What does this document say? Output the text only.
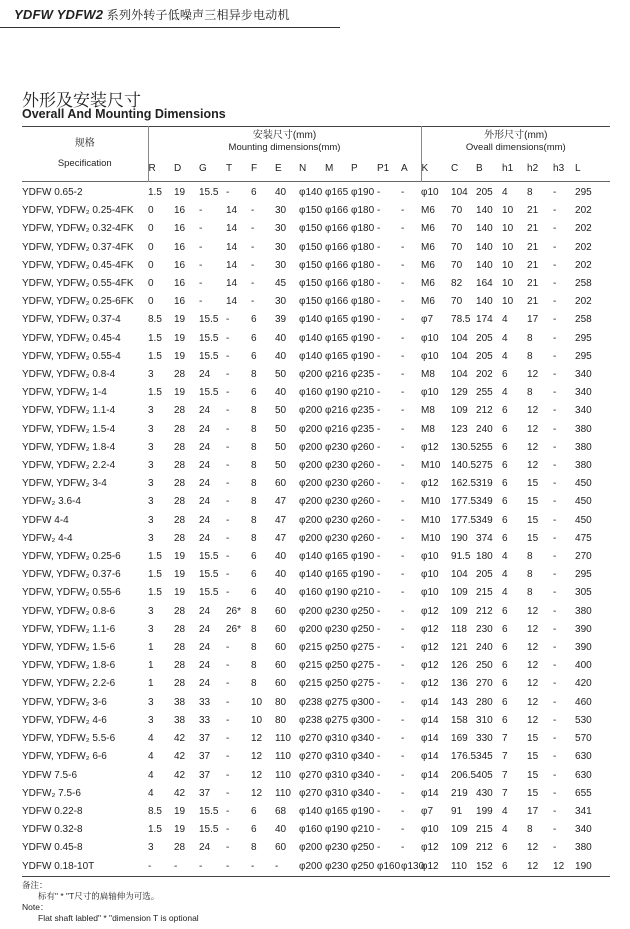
YDFW YDFW2 系列外转子低噪声三相异步电动机
外形及安装尺寸
Overall And Mounting Dimensions
规格
Specification	安装尺寸(mm)
Mounting dimensions(mm)											外形尺寸(mm)
Oveall dimensions(mm)						

	R	D	G	T	F	E	N	M	P	P1	A	K	C	B	h1	h2	h3	L
YDFW 0.65-2	1.5	19	15.5	-	6	40	φ140	φ165	φ190	-	-	φ10	104	205	4	8	-	295
YDFW, YDFW₂ 0.25-4FK	0	16	-	14	-	30	φ150	φ166	φ180	-	-	M6	70	140	10	21	-	202
YDFW, YDFW₂ 0.32-4FK	0	16	-	14	-	30	φ150	φ166	φ180	-	-	M6	70	140	10	21	-	202
YDFW, YDFW₂ 0.37-4FK	0	16	-	14	-	30	φ150	φ166	φ180	-	-	M6	70	140	10	21	-	202
YDFW, YDFW₂ 0.45-4FK	0	16	-	14	-	30	φ150	φ166	φ180	-	-	M6	70	140	10	21	-	202
YDFW, YDFW₂ 0.55-4FK	0	16	-	14	-	45	φ150	φ166	φ180	-	-	M6	82	164	10	21	-	258
YDFW, YDFW₂ 0.25-6FK	0	16	-	14	-	30	φ150	φ166	φ180	-	-	M6	70	140	10	21	-	202
YDFW, YDFW₂ 0.37-4	8.5	19	15.5	-	6	39	φ140	φ165	φ190	-	-	φ7	78.5	174	4	17	-	258
YDFW, YDFW₂ 0.45-4	1.5	19	15.5	-	6	40	φ140	φ165	φ190	-	-	φ10	104	205	4	8	-	295
YDFW, YDFW₂ 0.55-4	1.5	19	15.5	-	6	40	φ140	φ165	φ190	-	-	φ10	104	205	4	8	-	295
YDFW, YDFW₂ 0.8-4	3	28	24	-	8	50	φ200	φ216	φ235	-	-	M8	104	202	6	12	-	340
YDFW, YDFW₂ 1-4	1.5	19	15.5	-	6	40	φ160	φ190	φ210	-	-	φ10	129	255	4	8	-	340
YDFW, YDFW₂ 1.1-4	3	28	24	-	8	50	φ200	φ216	φ235	-	-	M8	109	212	6	12	-	340
YDFW, YDFW₂ 1.5-4	3	28	24	-	8	50	φ200	φ216	φ235	-	-	M8	123	240	6	12	-	380
YDFW, YDFW₂ 1.8-4	3	28	24	-	8	50	φ200	φ230	φ260	-	-	φ12	130.5	255	6	12	-	380
YDFW, YDFW₂ 2.2-4	3	28	24	-	8	50	φ200	φ230	φ260	-	-	M10	140.5	275	6	12	-	380
YDFW, YDFW₂ 3-4	3	28	24	-	8	60	φ200	φ230	φ260	-	-	φ12	162.5	319	6	15	-	450
YDFW₂ 3.6-4	3	28	24	-	8	47	φ200	φ230	φ260	-	-	M10	177.5	349	6	15	-	450
YDFW 4-4	3	28	24	-	8	47	φ200	φ230	φ260	-	-	M10	177.5	349	6	15	-	450
YDFW₂ 4-4	3	28	24	-	8	47	φ200	φ230	φ260	-	-	M10	190	374	6	15	-	475
YDFW, YDFW₂ 0.25-6	1.5	19	15.5	-	6	40	φ140	φ165	φ190	-	-	φ10	91.5	180	4	8	-	270
YDFW, YDFW₂ 0.37-6	1.5	19	15.5	-	6	40	φ140	φ165	φ190	-	-	φ10	104	205	4	8	-	295
YDFW, YDFW₂ 0.55-6	1.5	19	15.5	-	6	40	φ160	φ190	φ210	-	-	φ10	109	215	4	8	-	305
YDFW, YDFW₂ 0.8-6	3	28	24	26*	8	60	φ200	φ230	φ250	-	-	φ12	109	212	6	12	-	380
YDFW, YDFW₂ 1.1-6	3	28	24	26*	8	60	φ200	φ230	φ250	-	-	φ12	118	230	6	12	-	390
YDFW, YDFW₂ 1.5-6	1	28	24	-	8	60	φ215	φ250	φ275	-	-	φ12	121	240	6	12	-	390
YDFW, YDFW₂ 1.8-6	1	28	24	-	8	60	φ215	φ250	φ275	-	-	φ12	126	250	6	12	-	400
YDFW, YDFW₂ 2.2-6	1	28	24	-	8	60	φ215	φ250	φ275	-	-	φ12	136	270	6	12	-	420
YDFW, YDFW₂ 3-6	3	38	33	-	10	80	φ238	φ275	φ300	-	-	φ14	143	280	6	12	-	460
YDFW, YDFW₂ 4-6	3	38	33	-	10	80	φ238	φ275	φ300	-	-	φ14	158	310	6	12	-	530
YDFW, YDFW₂ 5.5-6	4	42	37	-	12	110	φ270	φ310	φ340	-	-	φ14	169	330	7	15	-	570
YDFW, YDFW₂ 6-6	4	42	37	-	12	110	φ270	φ310	φ340	-	-	φ14	176.5	345	7	15	-	630
YDFW 7.5-6	4	42	37	-	12	110	φ270	φ310	φ340	-	-	φ14	206.5	405	7	15	-	630
YDFW₂ 7.5-6	4	42	37	-	12	110	φ270	φ310	φ340	-	-	φ14	219	430	7	15	-	655
YDFW 0.22-8	8.5	19	15.5	-	6	68	φ140	φ165	φ190	-	-	φ7	91	199	4	17	-	341
YDFW 0.32-8	1.5	19	15.5	-	6	40	φ160	φ190	φ210	-	-	φ10	109	215	4	8	-	340
YDFW 0.45-8	3	28	24	-	8	60	φ200	φ230	φ250	-	-	φ12	109	212	6	12	-	380
YDFW 0.18-10T	-	-	-	-	-	-	φ200	φ230	φ250	φ160	φ130	φ12	110	152	6	12	12	190
备注：
标有" * "T尺寸的扁轴伸为可选。
Note：
Flat shaft labled" * "dimension T is optional
